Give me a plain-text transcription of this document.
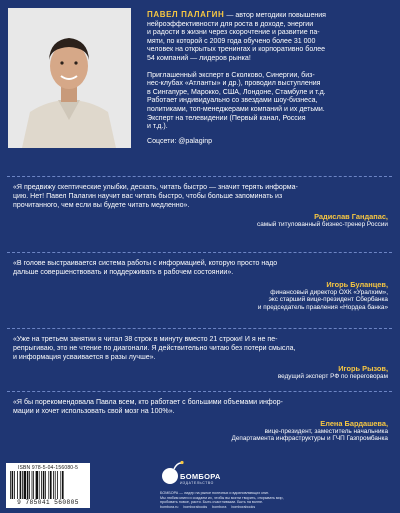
ПАВЕЛ ПАЛАГИН — автор методики повышения
нейроэффективности для роста в доходе, энергии
и радости в жизни через скорочтение и развитие па-
мяти, по которой с 2009 года обучено более 31 000
человек на открытых тренингах и корпоративно более
54 компаний — лидеров рынка!

Приглашенный эксперт в Сколково, Синергии, биз-
нес-клубах «Атланты» и др.), проводил выступления
в Сингапуре, Марокко, США, Лондоне, Стамбуле и т.д.
Работает индивидуально со звездами шоу-бизнеса,
политиками, топ-менеджерами компаний и их детьми.
Эксперт на телевидении (Первый канал, Россия
и т.д.).

Соцсети: @palaginp

«Я предвижу скептические улыбки, дескать, читать быстро — значит терять информа-
цию. Нет! Павел Палагин научит вас читать быстро, чтобы больше запоминать из
прочитанного, чем если вы будете читать медленно».

Радислав Гандапас,
самый титулованный бизнес-тренер России

«В голове выстраивается система работы с информацией, которую просто надо
дальше совершенствовать и поддерживать в рабочем состоянии».

Игорь Буланцев,
финансовый директор ОХК «Уралхим»,
экс старший вице-президент Сбербанка
и председатель правления «Нордеа банка»

«Уже на третьем занятии я читал 38 строк в минуту вместо 21 строки! И я не пе-
репрыгиваю, это не чтение по диагонали. Я действительно читаю без потери смысла,
и информация усваивается в разы лучше».

Игорь Рызов,
ведущий эксперт РФ по переговорам

«Я бы порекомендовала Павла всем, кто работает с большими объемами инфор-
мации и хочет использовать свой мозг на 100%».

Елена Бардашева,
вице-президент, заместитель начальника
Департамента инфраструктуры и ГЧП Газпромбанка
ISBN 978-5-04-156080-5
9 785041 560805
БОМБОРА
ИЗДАТЕЛЬСТВО

БОМБОРА — лидер на рынке полезных и вдохновляющих книг.

Мы любим книги и создаем их, чтобы вы могли творить, открывать мир,

пробовать новое, расти. Быть счастливыми. Быть на волне.

bombora.ru bomborabooks bombora bomborabooks
